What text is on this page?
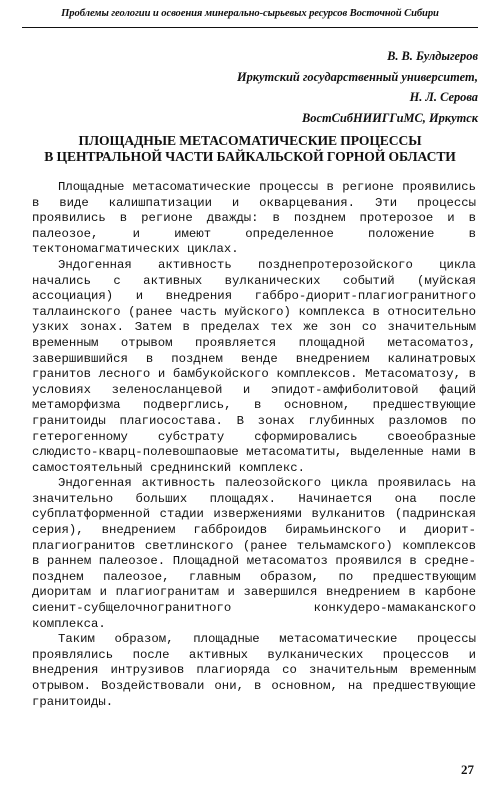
Проблемы геологии и освоения минерально-сырьевых ресурсов Восточной Сибири
В. В. Булдыгеров
Иркутский государственный университет,
Н. Л. Серова
ВостСибНИИГГиМС, Иркутск
ПЛОЩАДНЫЕ МЕТАСОМАТИЧЕСКИЕ ПРОЦЕССЫ
В ЦЕНТРАЛЬНОЙ ЧАСТИ БАЙКАЛЬСКОЙ ГОРНОЙ ОБЛАСТИ

Площадные метасоматические процессы в регионе проявились в виде калишпатизации и окварцевания. Эти процессы проявились в регионе дважды: в позднем протерозое и в палеозое, и имеют определенное положение в тектономагматических циклах.

Эндогенная активность позднепротерозойского цикла начались с активных вулканических событий (муйская ассоциация) и внедрения габбро-диорит-плагиогранитного таллаинского (ранее часть муйского) комплекса в относительно узких зонах. Затем в пределах тех же зон со значительным временным отрывом проявляется площадной метасоматоз, завершившийся в позднем венде внедрением калинатровых гранитов лесного и бамбукойского комплексов. Метасоматозу, в условиях зеленосланцевой и эпидот-амфиболитовой фаций метаморфизма подверглись, в основном, предшествующие гранитоиды плагиосостава. В зонах глубинных разломов по гетерогенному субстрату сформировались своеобразные слюдисто-кварц-полевошпаовые метасоматиты, выделенные нами в самостоятельный среднинский комплекс.

Эндогенная активность палеозойского цикла проявилась на значительно больших площадях. Начинается она после субплатформенной стадии извержениями вулканитов (падринская серия), внедрением габброидов бирамьинского и диорит-плагиогранитов светлинского (ранее тельмамского) комплексов в раннем палеозое. Площадной метасоматоз проявился в средне-позднем палеозое, главным образом, по предшествующим диоритам и плагиогранитам и завершился внедрением в карбоне сиенит-субщелочногранитного конкудеро-мамаканского комплекса.

Таким образом, площадные метасоматические процессы проявлялись после активных вулканических процессов и внедрения интрузивов плагиоряда со значительным временным отрывом. Воздействовали они, в основном, на предшествующие гранитоиды.

27
